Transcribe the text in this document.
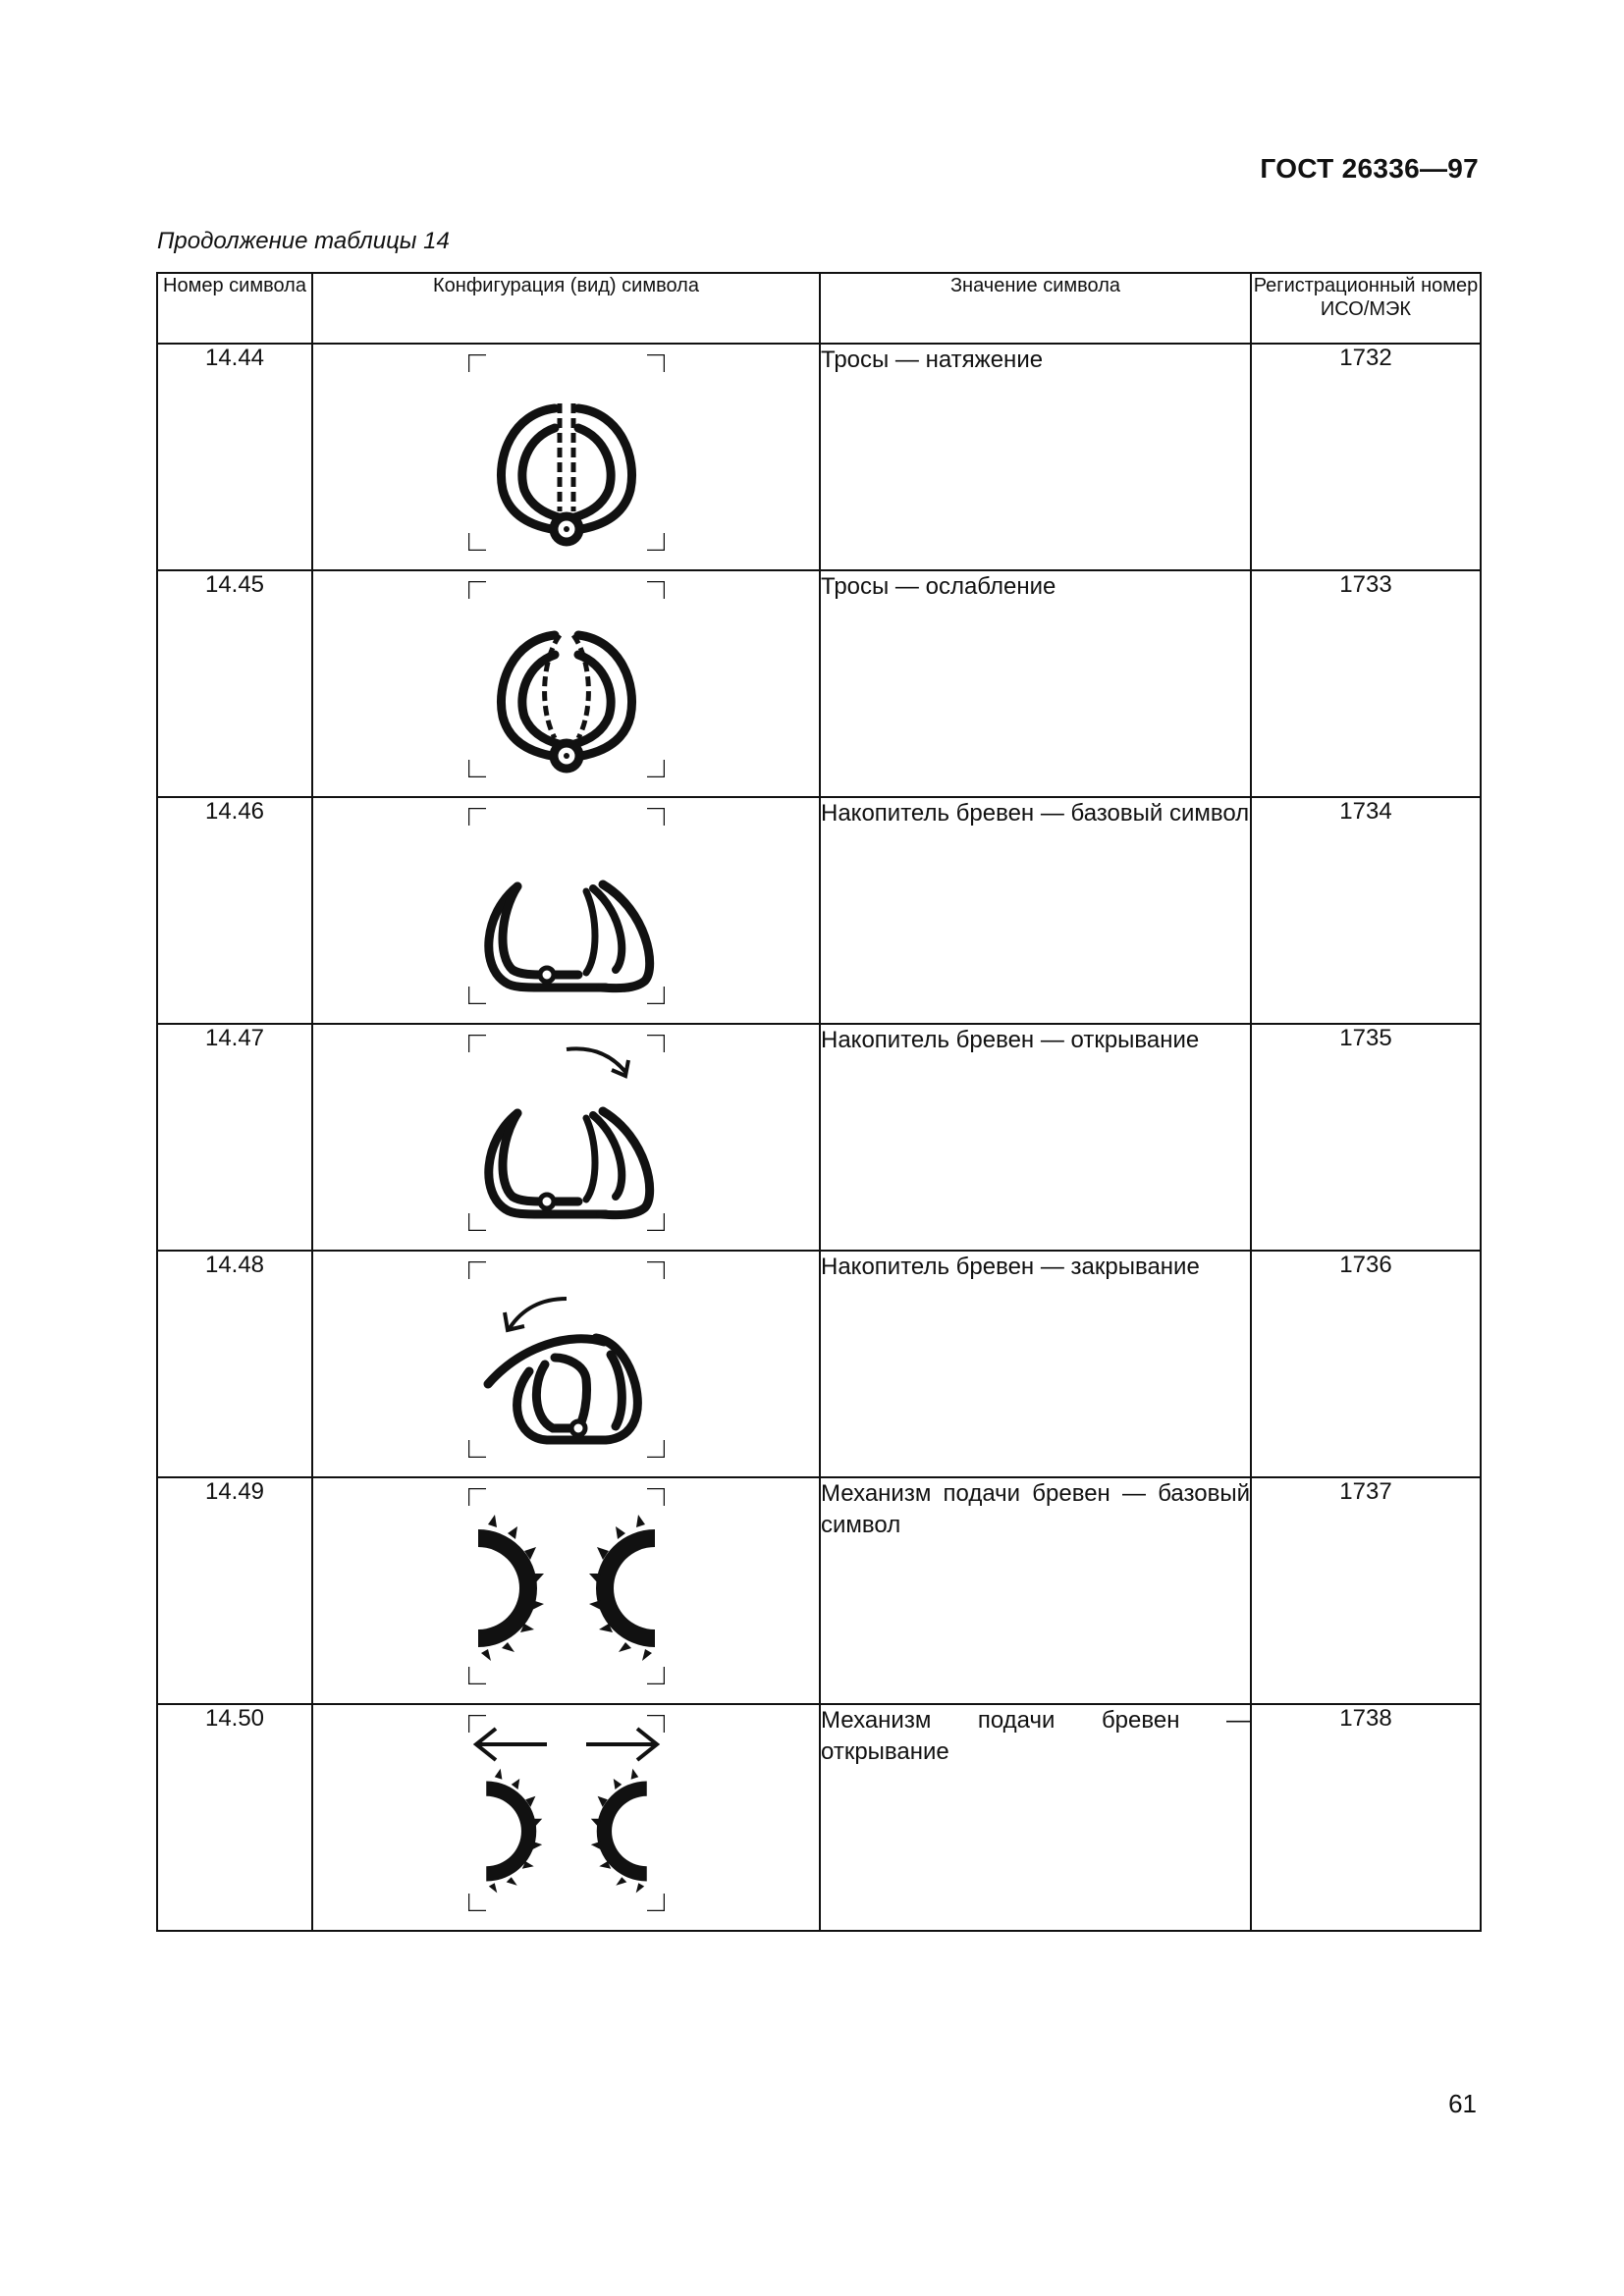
ГОСТ 26336—97
Продолжение таблицы 14
Номер символа	Конфигурация (вид) символа	Значение символа	Регистрационный номер ИСО/МЭК
14.44		Тросы — натяжение	1732
14.45		Тросы — ослабление	1733
14.46		Накопитель бревен — базовый символ	1734
14.47		Накопитель бревен — открывание	1735
14.48		Накопитель бревен — закрывание	1736
14.49		Механизм подачи бревен — базовый символ	1737
14.50		Механизм подачи бревен — открывание	1738
61
